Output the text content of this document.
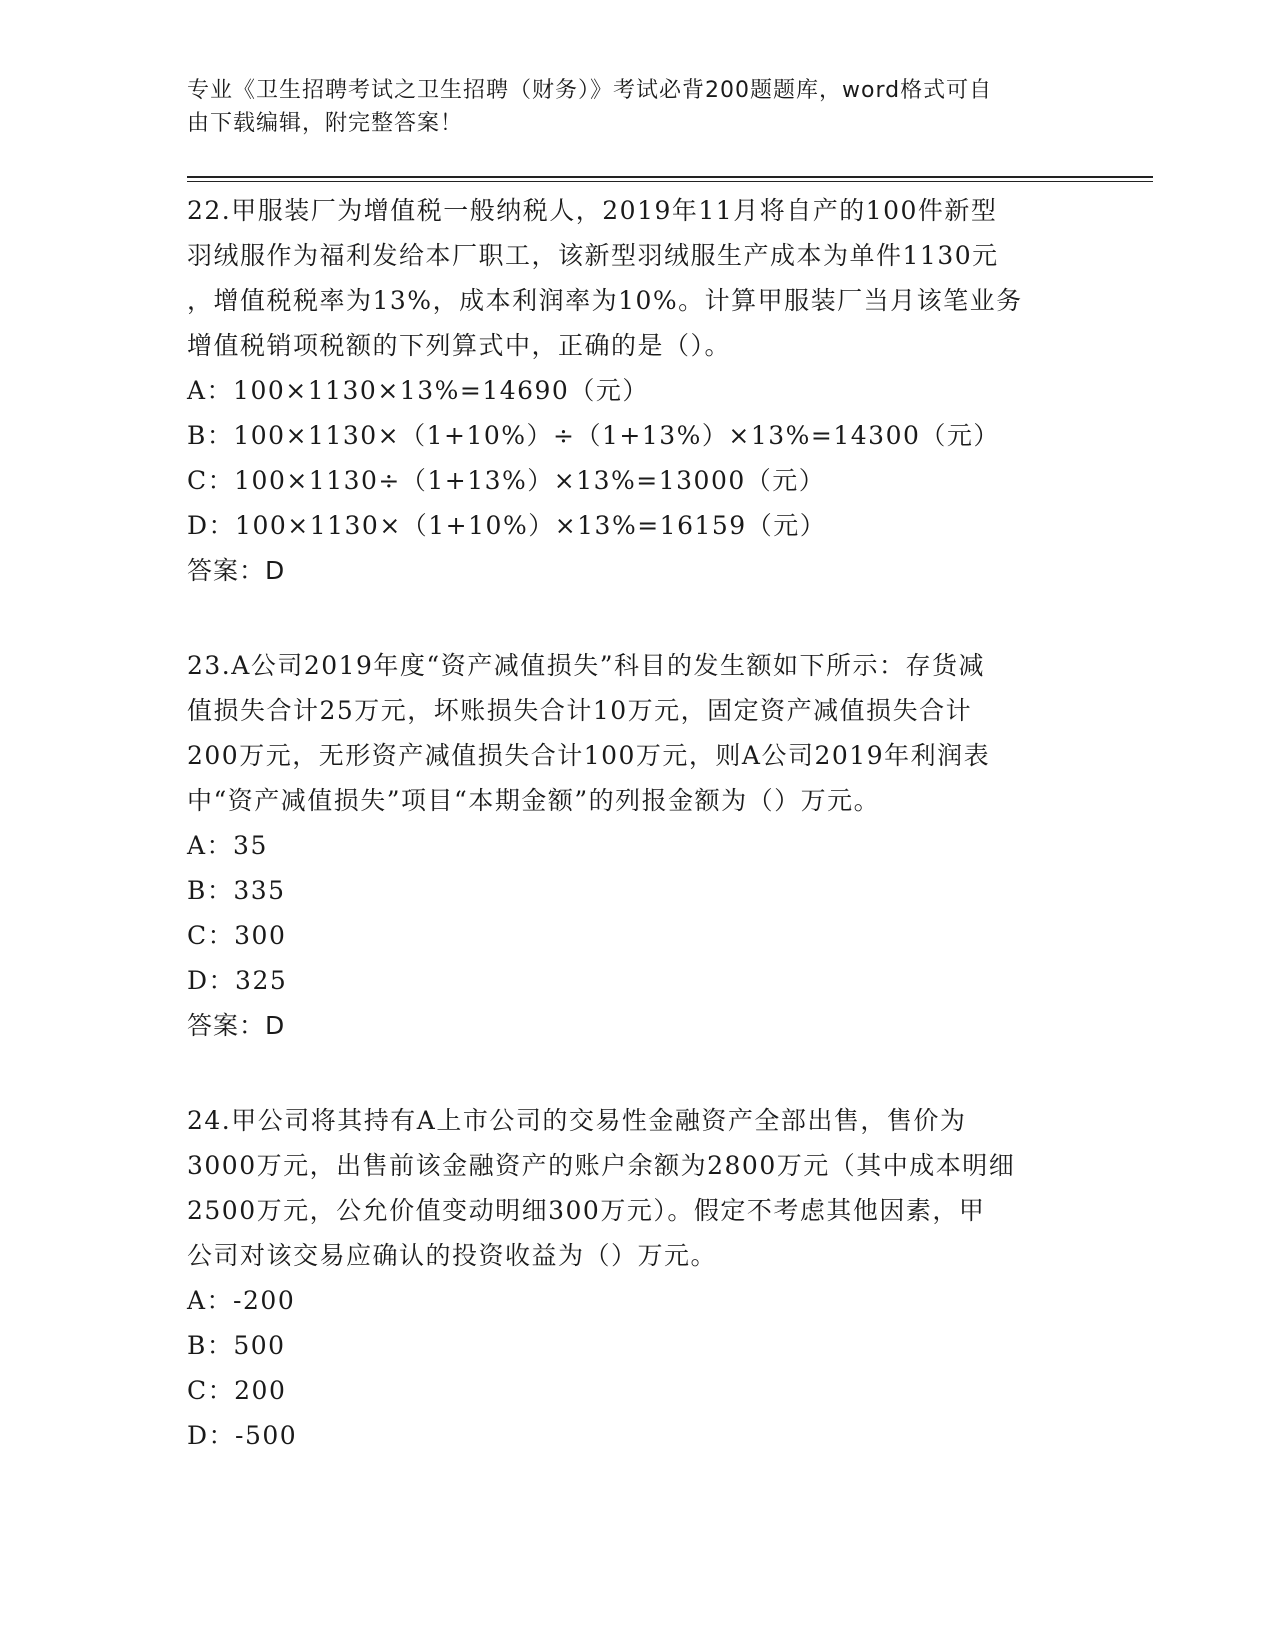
专业《卫生招聘考试之卫生招聘（财务）》考试必背200题题库，word格式可自
由下载编辑，附完整答案！

22.甲服装厂为增值税一般纳税人，2019年11月将自产的100件新型

羽绒服作为福利发给本厂职工，该新型羽绒服生产成本为单件1130元

，增值税税率为13%，成本利润率为10%。计算甲服装厂当月该笔业务

增值税销项税额的下列算式中，正确的是（）。

A：100×1130×13%=14690（元）

B：100×1130×（1+10%）÷（1+13%）×13%=14300（元）

C：100×1130÷（1+13%）×13%=13000（元）

D：100×1130×（1+10%）×13%=16159（元）

答案：D

23.A公司2019年度“资产减值损失”科目的发生额如下所示：存货减

值损失合计25万元，坏账损失合计10万元，固定资产减值损失合计

200万元，无形资产减值损失合计100万元，则A公司2019年利润表

中“资产减值损失”项目“本期金额”的列报金额为（）万元。

A：35

B：335

C：300

D：325

答案：D

24.甲公司将其持有A上市公司的交易性金融资产全部出售，售价为

3000万元，出售前该金融资产的账户余额为2800万元（其中成本明细

2500万元，公允价值变动明细300万元）。假定不考虑其他因素，甲

公司对该交易应确认的投资收益为（）万元。

A：-200

B：500

C：200

D：-500
